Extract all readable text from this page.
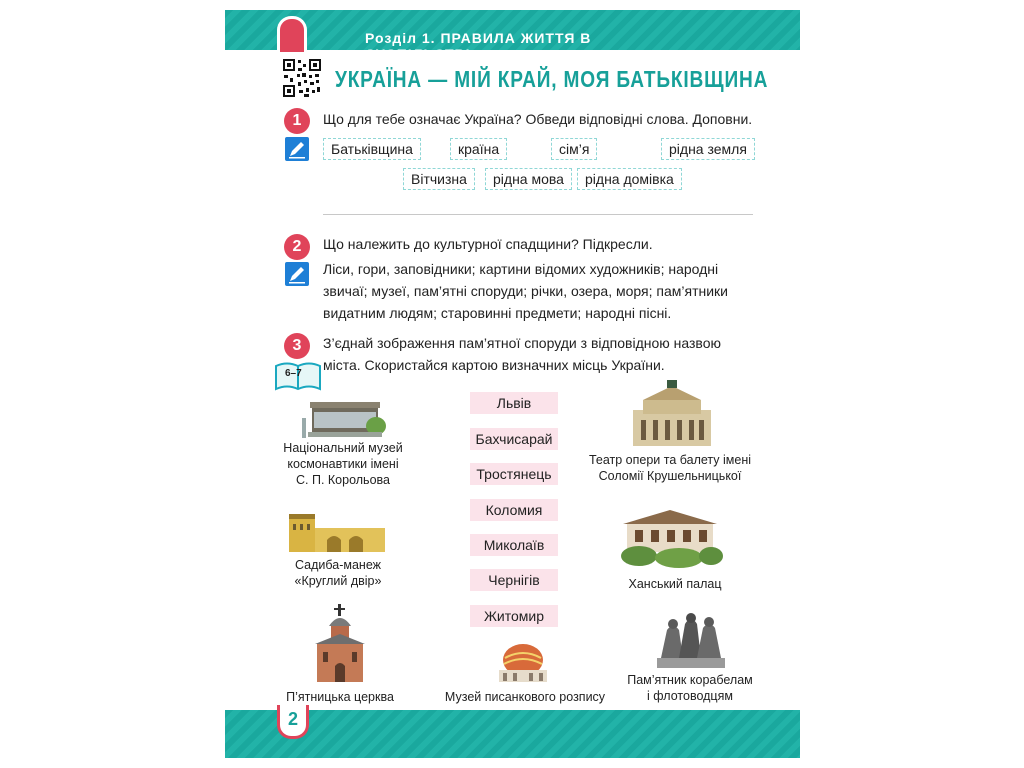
Розділ 1. ПРАВИЛА ЖИТТЯ В СУСПІЛЬСТВІ
УКРАЇНА — МІЙ КРАЙ, МОЯ БАТЬКІВЩИНА
1	Що для тебе означає Україна? Обведи відповідні слова. Доповни.
Батьківщина	країна	сім’я	рідна земля
Вітчизна	рідна мова	рідна домівка
2	Що належить до культурної спадщини? Підкресли.
Ліси, гори, заповідники; картини відомих художників; народні
звичаї; музеї, пам’ятні споруди; річки, озера, моря; пам’ятники
видатним людям; старовинні предмети; народні пісні.
3	З’єднай зображення пам’ятної споруди з відповідною назвою
міста. Скористайся картою визначних місць України.
6–7
Львів
Бахчисарай
Тростянець
Коломия
Миколаїв
Чернігів
Житомир
Національний музей
космонавтики імені
С. П. Корольова
Театр опери та балету імені
Соломії Крушельницької
Садиба-манеж
«Круглий двір»	Ханський палац
П’ятницька церква	Музей писанкового розпису
Пам’ятник корабелам
і флотоводцям
2
